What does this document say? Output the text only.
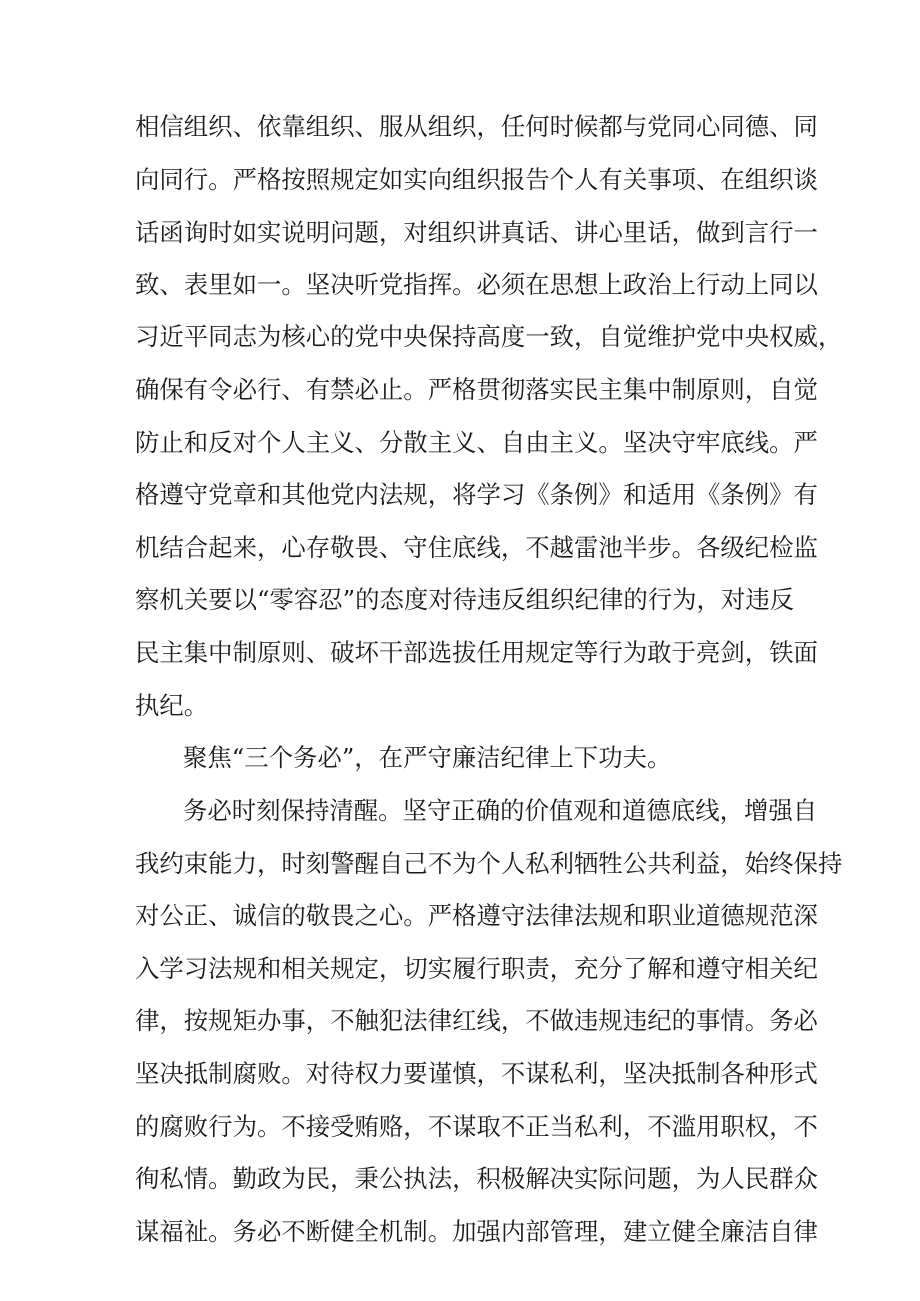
相信组织、依靠组织、服从组织，任何时候都与党同心同德、同
向同行。严格按照规定如实向组织报告个人有关事项、在组织谈
话函询时如实说明问题，对组织讲真话、讲心里话，做到言行一
致、表里如一。坚决听党指挥。必须在思想上政治上行动上同以
习近平同志为核心的党中央保持高度一致，自觉维护党中央权威，
确保有令必行、有禁必止。严格贯彻落实民主集中制原则，自觉
防止和反对个人主义、分散主义、自由主义。坚决守牢底线。严
格遵守党章和其他党内法规，将学习《条例》和适用《条例》有
机结合起来，心存敬畏、守住底线，不越雷池半步。各级纪检监
察机关要以“零容忍”的态度对待违反组织纪律的行为，对违反
民主集中制原则、破坏干部选拔任用规定等行为敢于亮剑，铁面
执纪。
聚焦“三个务必”，在严守廉洁纪律上下功夫。
务必时刻保持清醒。坚守正确的价值观和道德底线，增强自
我约束能力，时刻警醒自己不为个人私利牺牲公共利益，始终保持
对公正、诚信的敬畏之心。严格遵守法律法规和职业道德规范深
入学习法规和相关规定，切实履行职责，充分了解和遵守相关纪
律，按规矩办事，不触犯法律红线，不做违规违纪的事情。务必
坚决抵制腐败。对待权力要谨慎，不谋私利，坚决抵制各种形式
的腐败行为。不接受贿赂，不谋取不正当私利，不滥用职权，不
徇私情。勤政为民，秉公执法，积极解决实际问题，为人民群众
谋福祉。务必不断健全机制。加强内部管理，建立健全廉洁自律
